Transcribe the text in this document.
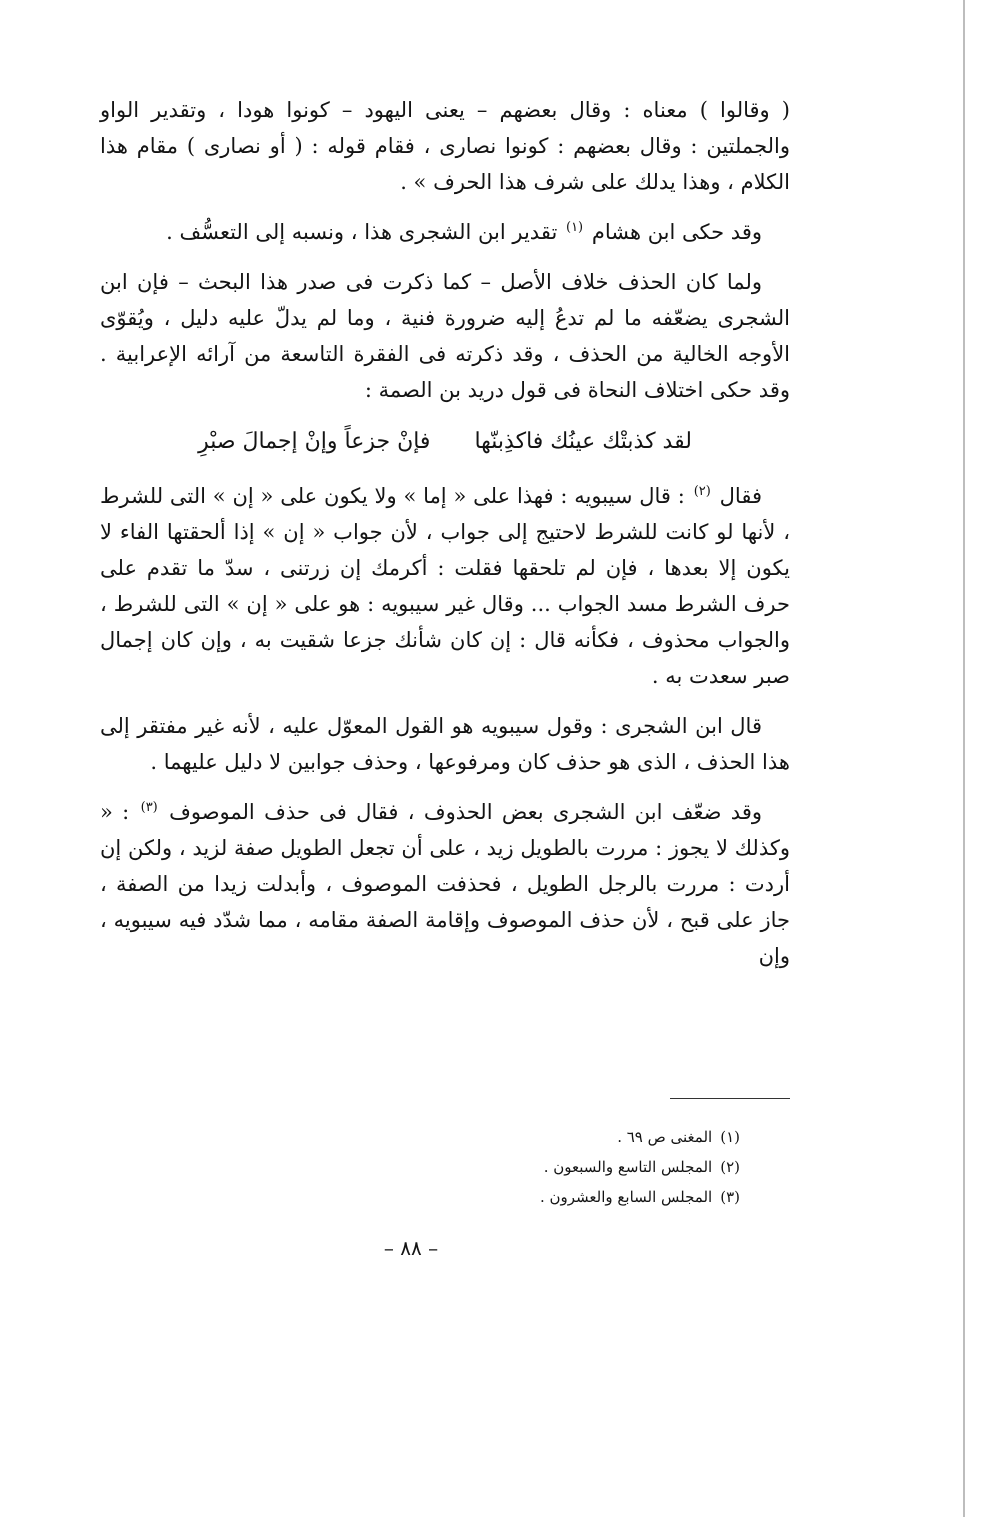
( وقالوا ) معناه : وقال بعضهم – يعنى اليهود – كونوا هودا ، وتقدير الواو والجملتين : وقال بعضهم : كونوا نصارى ، فقام قوله : ( أو نصارى ) مقام هذا الكلام ، وهذا يدلك على شرف هذا الحرف » .

وقد حكى ابن هشام $^{(١)}$ تقدير ابن الشجرى هذا ، ونسبه إلى التعسُّف .

ولما كان الحذف خلاف الأصل – كما ذكرت فى صدر هذا البحث – فإن ابن الشجرى يضعّفه ما لم تدعُ إليه ضرورة فنية ، وما لم يدلّ عليه دليل ، ويُقوّى الأوجه الخالية من الحذف ، وقد ذكرته فى الفقرة التاسعة من آرائه الإعرابية . وقد حكى اختلاف النحاة فى قول دريد بن الصمة :

لقد كذبتْك عينُك فاكذِبنّها
فإنْ جزعاً وإنْ إجمالَ صبْرِ

فقال $^{(٢)}$ : قال سيبويه : فهذا على « إما » ولا يكون على « إن » التى للشرط ، لأنها لو كانت للشرط لاحتيج إلى جواب ، لأن جواب « إن » إذا ألحقتها الفاء لا يكون إلا بعدها ، فإن لم تلحقها فقلت : أكرمك إن زرتنى ، سدّ ما تقدم على حرف الشرط مسد الجواب ... وقال غير سيبويه : هو على « إن » التى للشرط ، والجواب محذوف ، فكأنه قال : إن كان شأنك جزعا شقيت به ، وإن كان إجمال صبر سعدت به .

قال ابن الشجرى : وقول سيبويه هو القول المعوّل عليه ، لأنه غير مفتقر إلى هذا الحذف ، الذى هو حذف كان ومرفوعها ، وحذف جوابين لا دليل عليهما .

وقد ضعّف ابن الشجرى بعض الحذوف ، فقال فى حذف الموصوف $^{(٣)}$ : « وكذلك لا يجوز : مررت بالطويل زيد ، على أن تجعل الطويل صفة لزيد ، ولكن إن أردت : مررت بالرجل الطويل ، فحذفت الموصوف ، وأبدلت زيدا من الصفة ، جاز على قبح ، لأن حذف الموصوف وإقامة الصفة مقامه ، مما شدّد فيه سيبويه ، وإن

(١)المغنى ص ٦٩ .
(٢)المجلس التاسع والسبعون .
(٣)المجلس السابع والعشرون .
– ٨٨ –
